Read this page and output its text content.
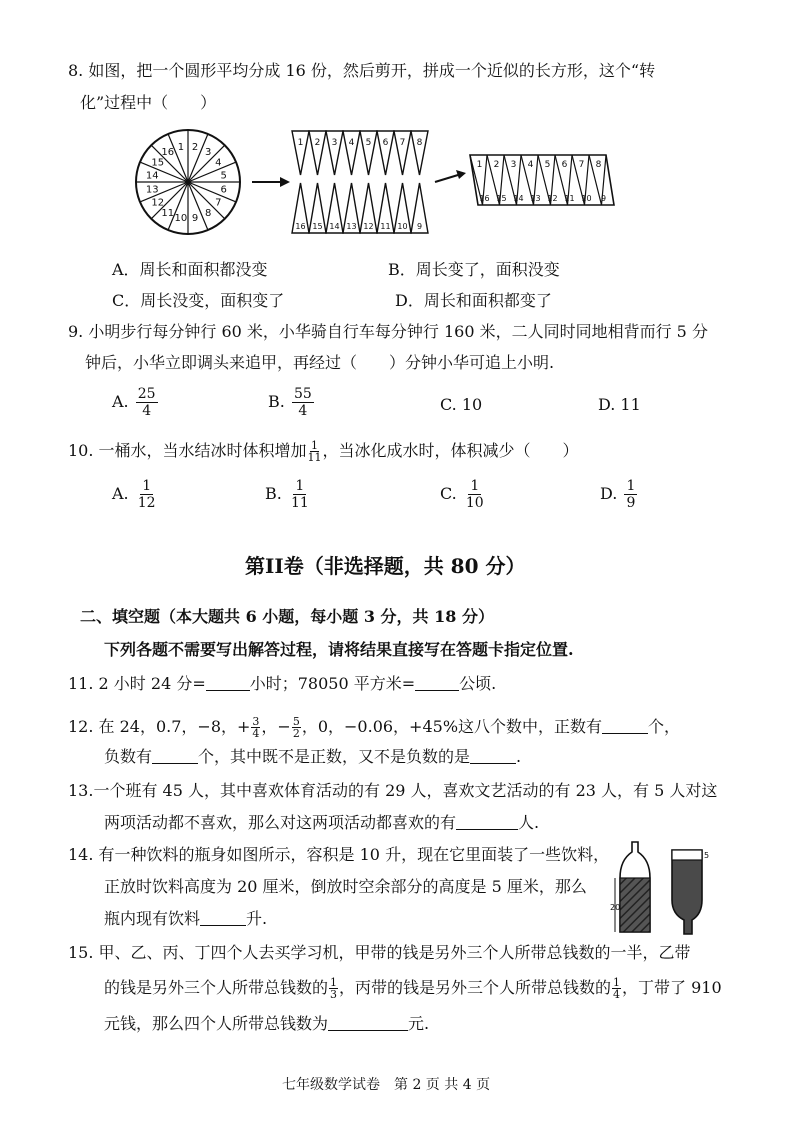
8. 如图，把一个圆形平均分成 16 份，然后剪开，拼成一个近似的长方形，这个“转
化”过程中（　　）
1 2 3
4
5
6
7
8
9
10
11
12
13
14
15
16
1
16
2
15
3
14
4
13
5
12
6
11
7
10
8
9
1
16
2
15
3
14
4
13
5
12
6
11
7
10
8
9
A．周长和面积都没变	B．周长变了，面积没变
C．周长没变，面积变了	D．周长和面积都变了
9. 小明步行每分钟行 60 米，小华骑自行车每分钟行 160 米，二人同时同地相背而行 5 分
钟后，小华立即调头来追甲，再经过（　　）分钟小华可追上小明.
A. $\frac{25}{4}$	B. $\frac{55}{4}$	C. 10	D. 11
10. 一桶水，当水结冰时体积增加 $\frac{1}{11}$ ，当冰化成水时，体积减少（　　）
A. $\frac{1}{12}$	B. $\frac{1}{11}$	C. $\frac{1}{10}$	D. $\frac{1}{9}$
第II卷（非选择题，共 80 分）
二、填空题（本大题共 6 小题，每小题 3 分，共 18 分）
下列各题不需要写出解答过程，请将结果直接写在答题卡指定位置.
11. 2 小时 24 分=	小时；78050 平方米=	公顷.
12. 在 24，0.7，−8，+ $\frac{3}{4}$ ，− $\frac{5}{2}$ ，0，−0.06，+45%这八个数中，正数有	个，
负数有	个，其中既不是正数，又不是负数的是	.
13.一个班有 45 人，其中喜欢体育活动的有 29 人，喜欢文艺活动的有 23 人，有 5 人对这
两项活动都不喜欢，那么对这两项活动都喜欢的有	人.
14. 有一种饮料的瓶身如图所示，容积是 10 升，现在它里面装了一些饮料，
正放时饮料高度为 20 厘米，倒放时空余部分的高度是 5 厘米，那么
瓶内现有饮料	升.
20
5
15. 甲、乙、丙、丁四个人去买学习机，甲带的钱是另外三个人所带总钱数的一半，乙带
的钱是另外三个人所带总钱数的 $\frac{1}{3}$ ，丙带的钱是另外三个人所带总钱数的 $\frac{1}{4}$ ，丁带了 910
元钱，那么四个人所带总钱数为	元.
七年级数学试卷　第 2 页 共 4 页
